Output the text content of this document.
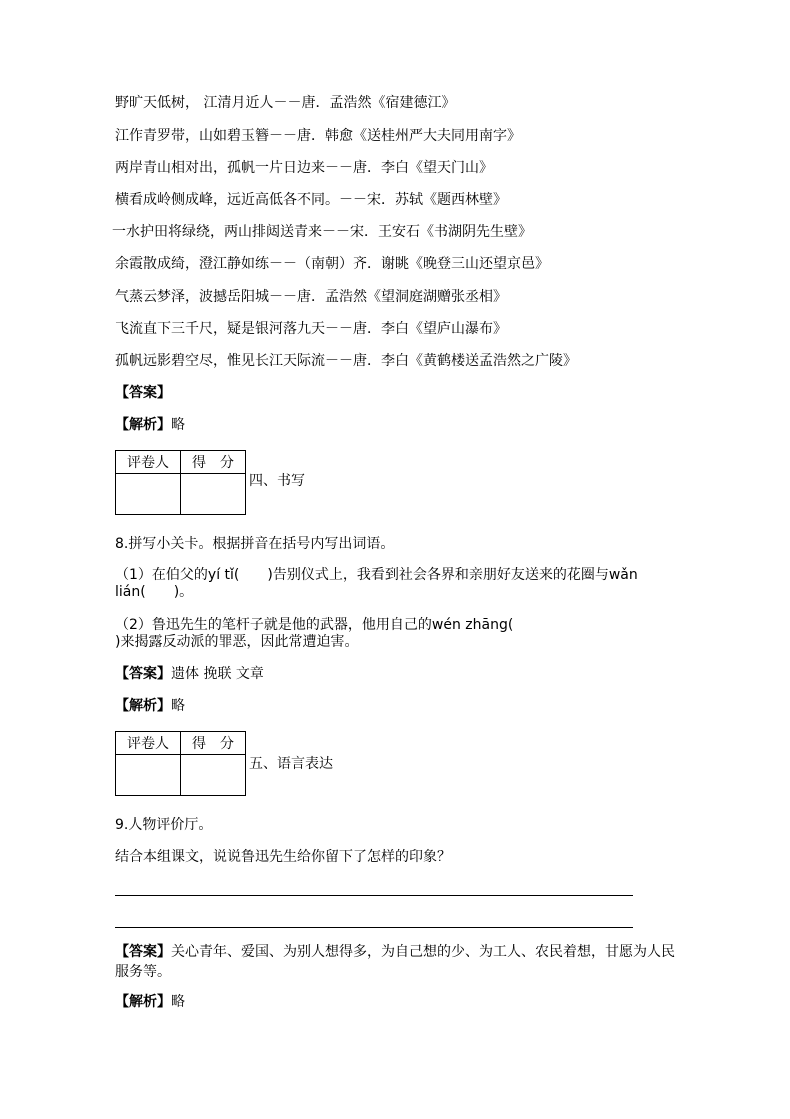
野旷天低树， 江清月近人－－唐．孟浩然《宿建德江》
江作青罗带，山如碧玉簪－－唐．韩愈《送桂州严大夫同用南字》
两岸青山相对出，孤帆一片日边来－－唐．李白《望天门山》
横看成岭侧成峰，远近高低各不同。－－宋．苏轼《题西林壁》
一水护田将绿绕，两山排闼送青来－－宋．王安石《书湖阴先生壁》
余霞散成绮，澄江静如练－－（南朝）齐．谢眺《晚登三山还望京邑》
气蒸云梦泽，波撼岳阳城－－唐．孟浩然《望洞庭湖赠张丞相》
飞流直下三千尺，疑是银河落九天－－唐．李白《望庐山瀑布》
孤帆远影碧空尽，惟见长江天际流－－唐．李白《黄鹤楼送孟浩然之广陵》
【答案】
【解析】略
评卷人	得　分

四、书写
8.拼写小关卡。根据拼音在括号内写出词语。
（1）在伯父的yí tǐ(　　)告别仪式上，我看到社会各界和亲朋好友送来的花圈与wǎn
lián(　　)。
（2）鲁迅先生的笔杆子就是他的武器，他用自己的wén zhāng(
)来揭露反动派的罪恶，因此常遭迫害。
【答案】遗体 挽联 文章
【解析】略
评卷人	得　分

五、语言表达
9.人物评价厅。
结合本组课文，说说鲁迅先生给你留下了怎样的印象？
【答案】关心青年、爱国、为别人想得多，为自己想的少、为工人、农民着想，甘愿为人民
服务等。
【解析】略
